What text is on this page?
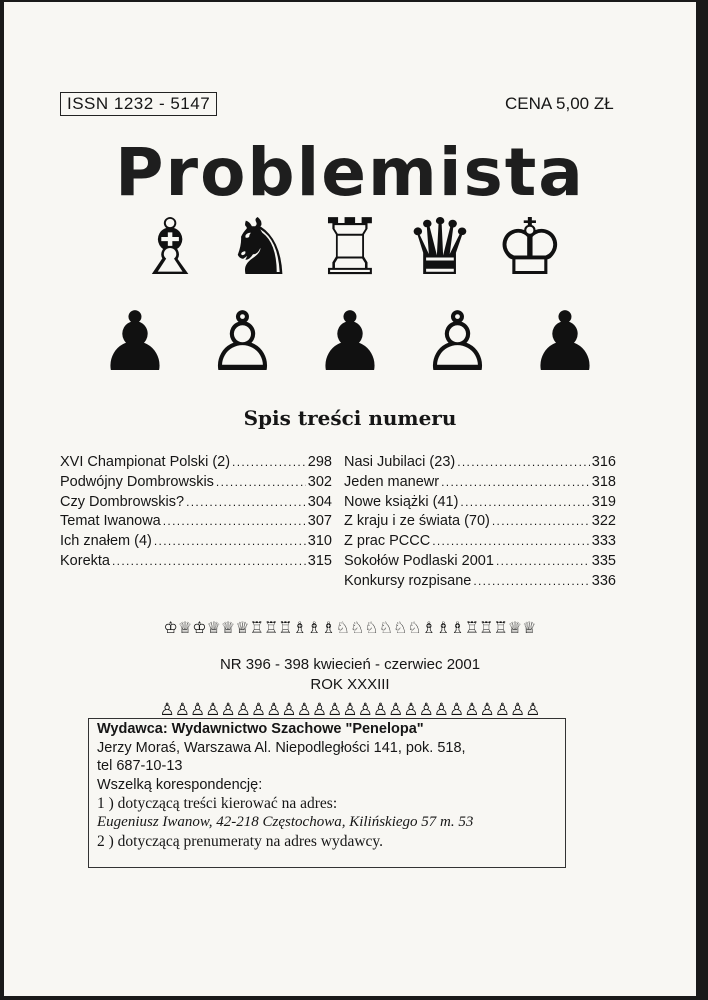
ISSN 1232 - 5147	CENA 5,00 ZŁ
Problemista
♗ ♞ ♖ ♛ ♔
♟ ♙ ♟ ♙ ♟
Spis treści numeru
XVI Championat Polski (2) . . .	298
Podwójny Dombrowskis . . .	302
Czy Dombrowskis? . . .	304
Temat Iwanowa . . .	307
Ich znałem (4) . . .	310
Korekta . . .	315
Nasi Jubilaci (23) . . .	316
Jeden manewr . . .	318
Nowe książki (41) . . .	319
Z kraju i ze świata (70) . . .	322
Z prac PCCC . . .	333
Sokołów Podlaski 2001 . . .	335
Konkursy rozpisane . . .	336
♔♕♔♕♕♕♖♖♖♗♗♗♘♘♘♘♘♘♗♗♗♖♖♖♕♕
NR 396 - 398 kwiecień - czerwiec 2001
ROK XXXIII
♙♙♙♙♙♙♙♙♙♙♙♙♙♙♙♙♙♙♙♙♙♙♙♙♙
Wydawca: Wydawnictwo Szachowe "Penelopa"
Jerzy Moraś, Warszawa Al. Niepodległości 141, pok. 518,
tel 687-10-13
Wszelką korespondencję:
1 ) dotyczącą treści kierować na adres:
Eugeniusz Iwanow, 42-218 Częstochowa, Kilińskiego 57 m. 53
2 ) dotyczącą prenumeraty na adres wydawcy.
